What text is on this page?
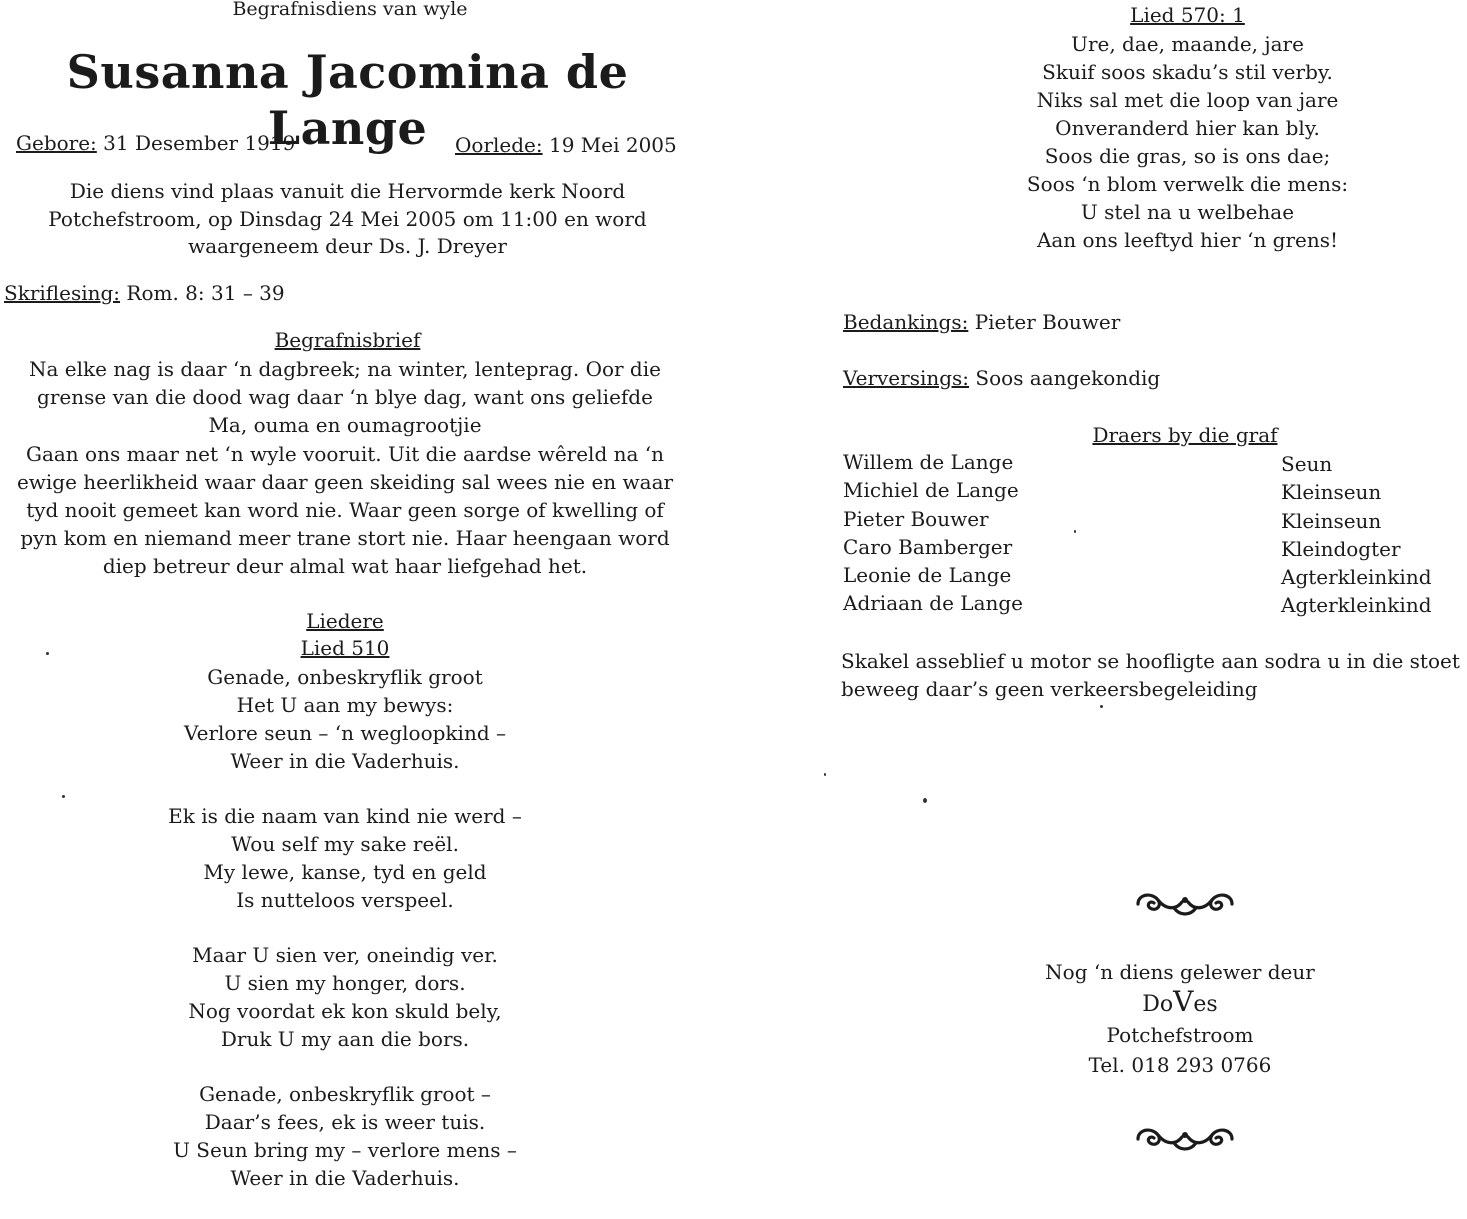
Begrafnisdiens van wyle
Susanna Jacomina de Lange
Gebore: 31 Desember 1919	Oorlede: 19 Mei 2005
Die diens vind plaas vanuit die Hervormde kerk Noord
Potchefstroom, op Dinsdag 24 Mei 2005 om 11:00 en word
waargeneem deur Ds. J. Dreyer
Skriflesing: Rom. 8: 31 – 39
Begrafnisbrief
Na elke nag is daar ‘n dagbreek; na winter, lenteprag. Oor die
grense van die dood wag daar ‘n blye dag, want ons geliefde
Ma, ouma en oumagrootjie
Gaan ons maar net ‘n wyle vooruit. Uit die aardse wêreld na ‘n
ewige heerlikheid waar daar geen skeiding sal wees nie en waar
tyd nooit gemeet kan word nie. Waar geen sorge of kwelling of
pyn kom en niemand meer trane stort nie. Haar heengaan word
diep betreur deur almal wat haar liefgehad het.
Liedere
Lied 510
Genade, onbeskryflik groot
Het U aan my bewys:
Verlore seun – ‘n wegloopkind –
Weer in die Vaderhuis.
Ek is die naam van kind nie werd –
Wou self my sake reël.
My lewe, kanse, tyd en geld
Is nutteloos verspeel.
Maar U sien ver, oneindig ver.
U sien my honger, dors.
Nog voordat ek kon skuld bely,
Druk U my aan die bors.
Genade, onbeskryflik groot –
Daar’s fees, ek is weer tuis.
U Seun bring my – verlore mens –
Weer in die Vaderhuis.
Lied 570: 1
Ure, dae, maande, jare
Skuif soos skadu’s stil verby.
Niks sal met die loop van jare
Onveranderd hier kan bly.
Soos die gras, so is ons dae;
Soos ‘n blom verwelk die mens:
U stel na u welbehae
Aan ons leeftyd hier ‘n grens!
Bedankings: Pieter Bouwer
Verversings: Soos aangekondig
Draers by die graf
Willem de Lange	Seun
Michiel de Lange	Kleinseun
Pieter Bouwer	Kleinseun
Caro Bamberger	Kleindogter
Leonie de Lange	Agterkleinkind
Adriaan de Lange	Agterkleinkind
Skakel asseblief u motor se hoofligte aan sodra u in die stoet
beweeg daar’s geen verkeersbegeleiding
Nog ‘n diens gelewer deur
DoVes
Potchefstroom
Tel. 018 293 0766
